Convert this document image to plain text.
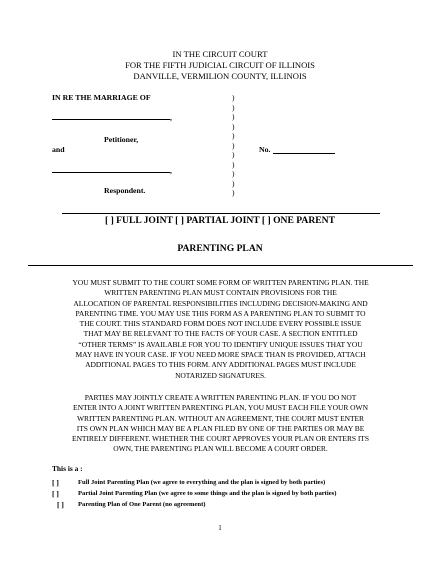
IN THE CIRCUIT COURT
FOR THE FIFTH JUDICIAL CIRCUIT OF ILLINOIS
DANVILLE, VERMILION COUNTY, ILLINOIS
IN RE THE MARRIAGE OF
,
Petitioner,
and
,
Respondent.
)
)
)
)
)
)
)
)
)
)
)
No.
[ ] FULL JOINT [ ] PARTIAL JOINT [ ] ONE PARENT
PARENTING PLAN
YOU MUST SUBMIT TO THE COURT SOME FORM OF WRITTEN PARENTING PLAN. THE
WRITTEN PARENTING PLAN MUST CONTAIN PROVISIONS FOR THE
ALLOCATION OF PARENTAL RESPONSIBILITIES INCLUDING DECISION-MAKING AND
PARENTING TIME. YOU MAY USE THIS FORM AS A PARENTING PLAN TO SUBMIT TO
THE COURT. THIS STANDARD FORM DOES NOT INCLUDE EVERY POSSIBLE ISSUE
THAT MAY BE RELEVANT TO THE FACTS OF YOUR CASE. A SECTION ENTITLED
“OTHER TERMS” IS AVAILABLE FOR YOU TO IDENTIFY UNIQUE ISSUES THAT YOU
MAY HAVE IN YOUR CASE. IF YOU NEED MORE SPACE THAN IS PROVIDED, ATTACH
ADDITIONAL PAGES TO THIS FORM. ANY ADDITIONAL PAGES MUST INCLUDE
NOTARIZED SIGNATURES.
PARTIES MAY JOINTLY CREATE A WRITTEN PARENTING PLAN. IF YOU DO NOT
ENTER INTO A JOINT WRITTEN PARENTING PLAN, YOU MUST EACH FILE YOUR OWN
WRITTEN PARENTING PLAN. WITHOUT AN AGREEMENT, THE COURT MUST ENTER
ITS OWN PLAN WHICH MAY BE A PLAN FILED BY ONE OF THE PARTIES OR MAY BE
ENTIRELY DIFFERENT. WHETHER THE COURT APPROVES YOUR PLAN OR ENTERS ITS
OWN, THE PARENTING PLAN WILL BECOME A COURT ORDER.
This is a :
[ ]	Full Joint Parenting Plan (we agree to everything and the plan is signed by both parties)
[ ]	Partial Joint Parenting Plan (we agree to some things and the plan is signed by both parties)
[ ] Parenting Plan of One Parent (no agreement)
1
